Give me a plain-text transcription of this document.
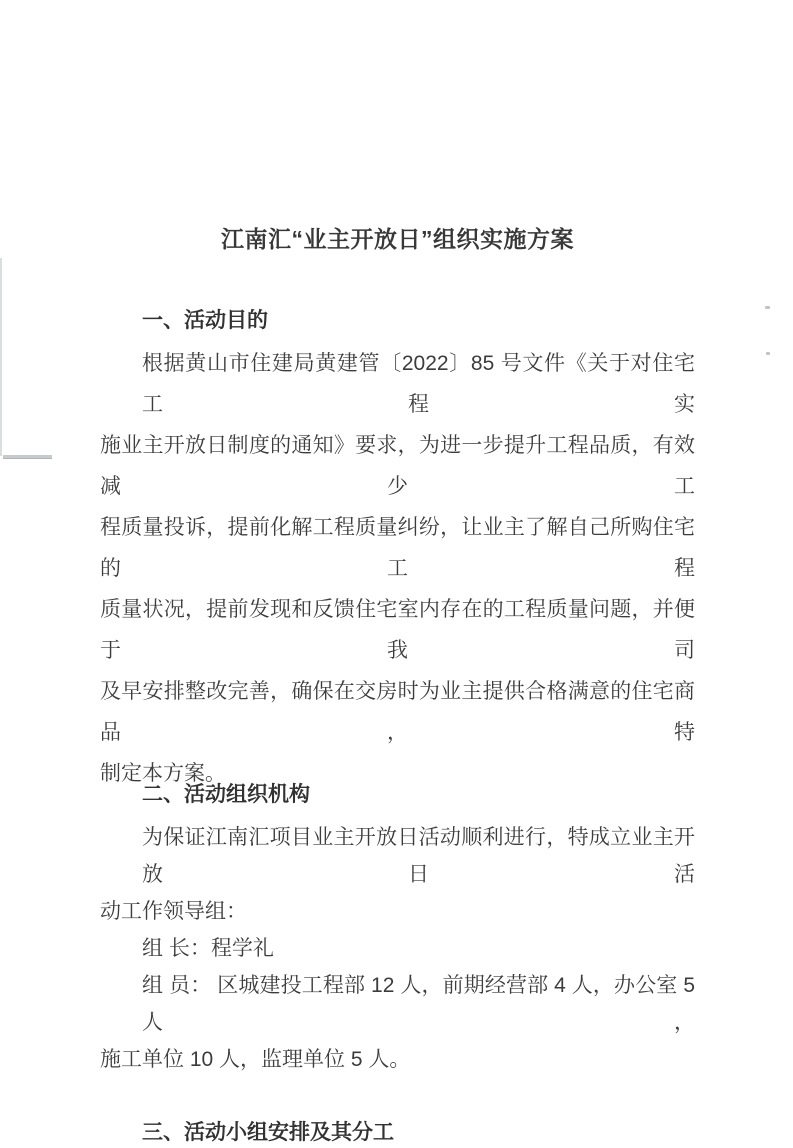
江南汇“业主开放日”组织实施方案
一、活动目的
根据黄山市住建局黄建管〔2022〕85 号文件《关于对住宅工程实
施业主开放日制度的通知》要求，为进一步提升工程品质，有效减少工
程质量投诉，提前化解工程质量纠纷，让业主了解自己所购住宅的工程
质量状况，提前发现和反馈住宅室内存在的工程质量问题，并便于我司
及早安排整改完善，确保在交房时为业主提供合格满意的住宅商品，特
制定本方案。
二、活动组织机构
为保证江南汇项目业主开放日活动顺利进行，特成立业主开放日活
动工作领导组：
组 长：程学礼
组 员： 区城建投工程部 12 人，前期经营部 4 人，办公室 5 人，
施工单位 10 人，监理单位 5 人。
三、活动小组安排及其分工
